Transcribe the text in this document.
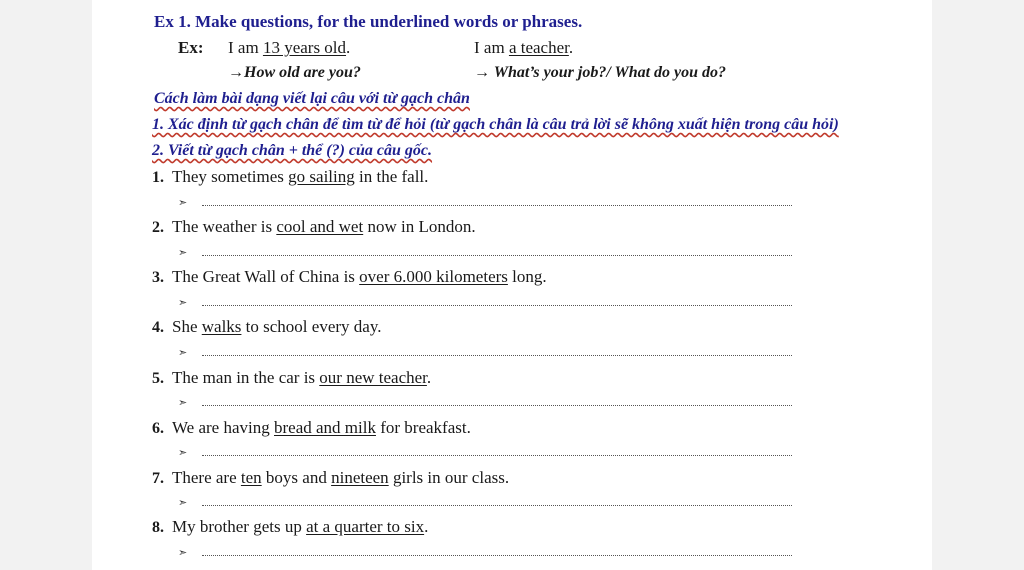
Ex 1. Make questions, for the underlined words or phrases.
Ex: I am 13 years old.	I am a teacher.
→How old are you?	→ What’s your job?/ What do you do?
Cách làm bài dạng viết lại câu với từ gạch chân
1. Xác định từ gạch chân để tìm từ để hỏi (từ gạch chân là câu trả lời sẽ không xuất hiện trong câu hỏi)
2. Viết từ gạch chân + thể (?) của câu gốc.
1. They sometimes go sailing in the fall.
➣
2. The weather is cool and wet now in London.
➣
3. The Great Wall of China is over 6.000 kilometers long.
➣
4. She walks to school every day.
➣
5. The man in the car is our new teacher.
➣
6. We are having bread and milk for breakfast.
➣
7. There are ten boys and nineteen girls in our class.
➣
8. My brother gets up at a quarter to six.
➣
